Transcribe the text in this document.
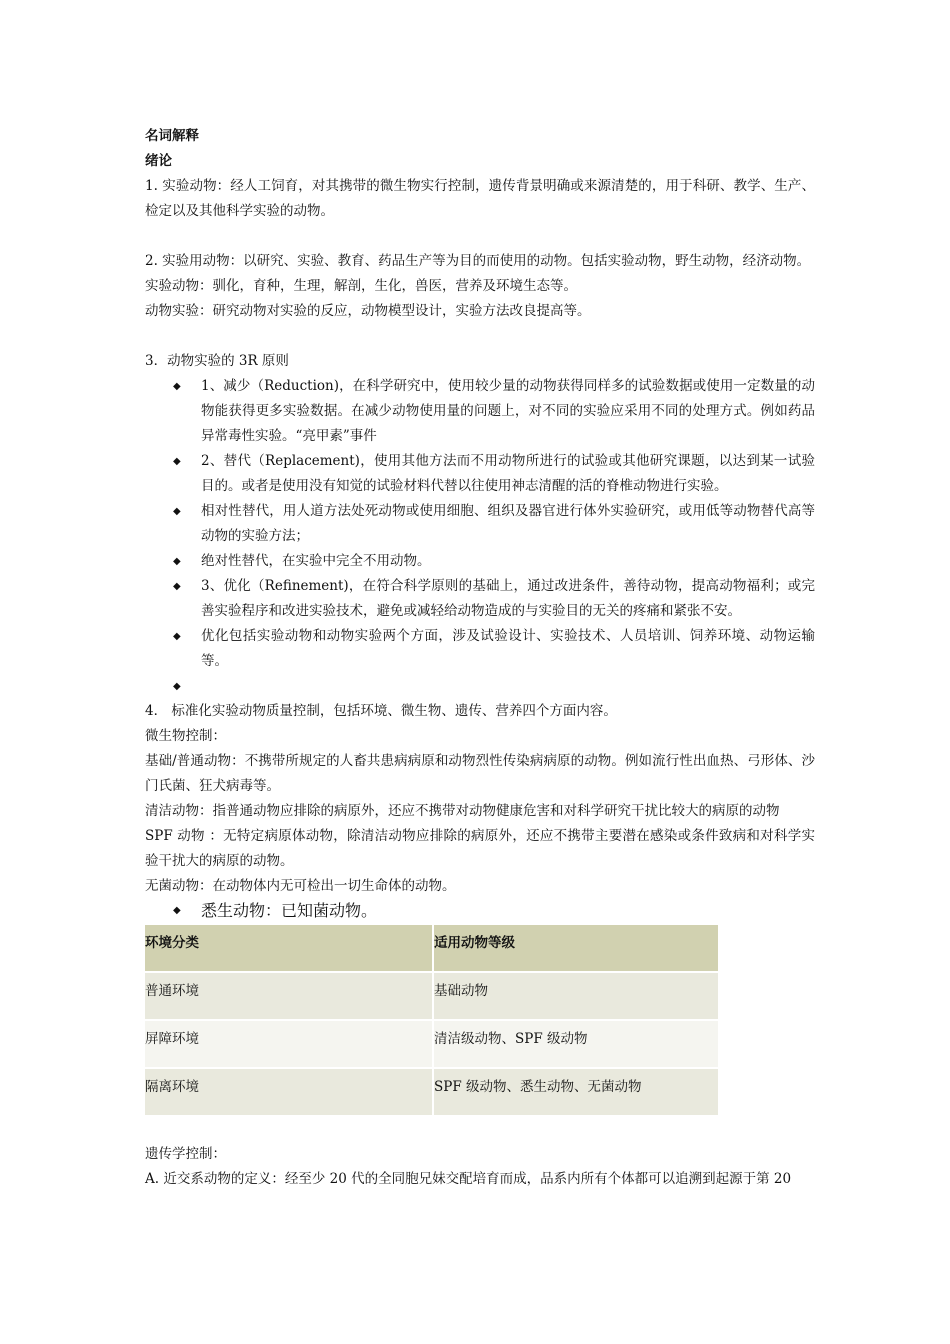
名词解释
绪论
1. 实验动物：经人工饲育，对其携带的微生物实行控制，遗传背景明确或来源清楚的，用于科研、教学、生产、检定以及其他科学实验的动物。
2. 实验用动物：以研究、实验、教育、药品生产等为目的而使用的动物。包括实验动物，野生动物，经济动物。
实验动物：驯化，育种，生理，解剖，生化，兽医，营养及环境生态等。
动物实验：研究动物对实验的反应，动物模型设计，实验方法改良提高等。
3．动物实验的 3R 原则
◆ 1、减少（Reduction)，在科学研究中，使用较少量的动物获得同样多的试验数据或使用一定数量的动物能获得更多实验数据。在减少动物使用量的问题上，对不同的实验应采用不同的处理方式。例如药品异常毒性实验。“亮甲素”事件
◆ 2、替代（Replacement)，使用其他方法而不用动物所进行的试验或其他研究课题，以达到某一试验目的。或者是使用没有知觉的试验材料代替以往使用神志清醒的活的脊椎动物进行实验。
◆ 相对性替代，用人道方法处死动物或使用细胞、组织及器官进行体外实验研究，或用低等动物替代高等动物的实验方法；
◆ 绝对性替代，在实验中完全不用动物。
◆ 3、优化（Refinement)，在符合科学原则的基础上，通过改进条件，善待动物，提高动物福利；或完善实验程序和改进实验技术，避免或减轻给动物造成的与实验目的无关的疼痛和紧张不安。
◆ 优化包括实验动物和动物实验两个方面，涉及试验设计、实验技术、人员培训、饲养环境、动物运输等。
◆

4． 标准化实验动物质量控制，包括环境、微生物、遗传、营养四个方面内容。
微生物控制：
基础/普通动物：不携带所规定的人畜共患病病原和动物烈性传染病病原的动物。例如流行性出血热、弓形体、沙门氏菌、狂犬病毒等。
清洁动物：指普通动物应排除的病原外，还应不携带对动物健康危害和对科学研究干扰比较大的病原的动物
SPF 动物 ：无特定病原体动物，除清洁动物应排除的病原外，还应不携带主要潜在感染或条件致病和对科学实验干扰大的病原的动物。
无菌动物：在动物体内无可检出一切生命体的动物。
◆ 悉生动物：已知菌动物。
环境分类	适用动物等级
普通环境	基础动物
屏障环境	清洁级动物、SPF 级动物
隔离环境	SPF 级动物、悉生动物、无菌动物
遗传学控制：
A. 近交系动物的定义：经至少 20 代的全同胞兄妹交配培育而成，品系内所有个体都可以追溯到起源于第 20
